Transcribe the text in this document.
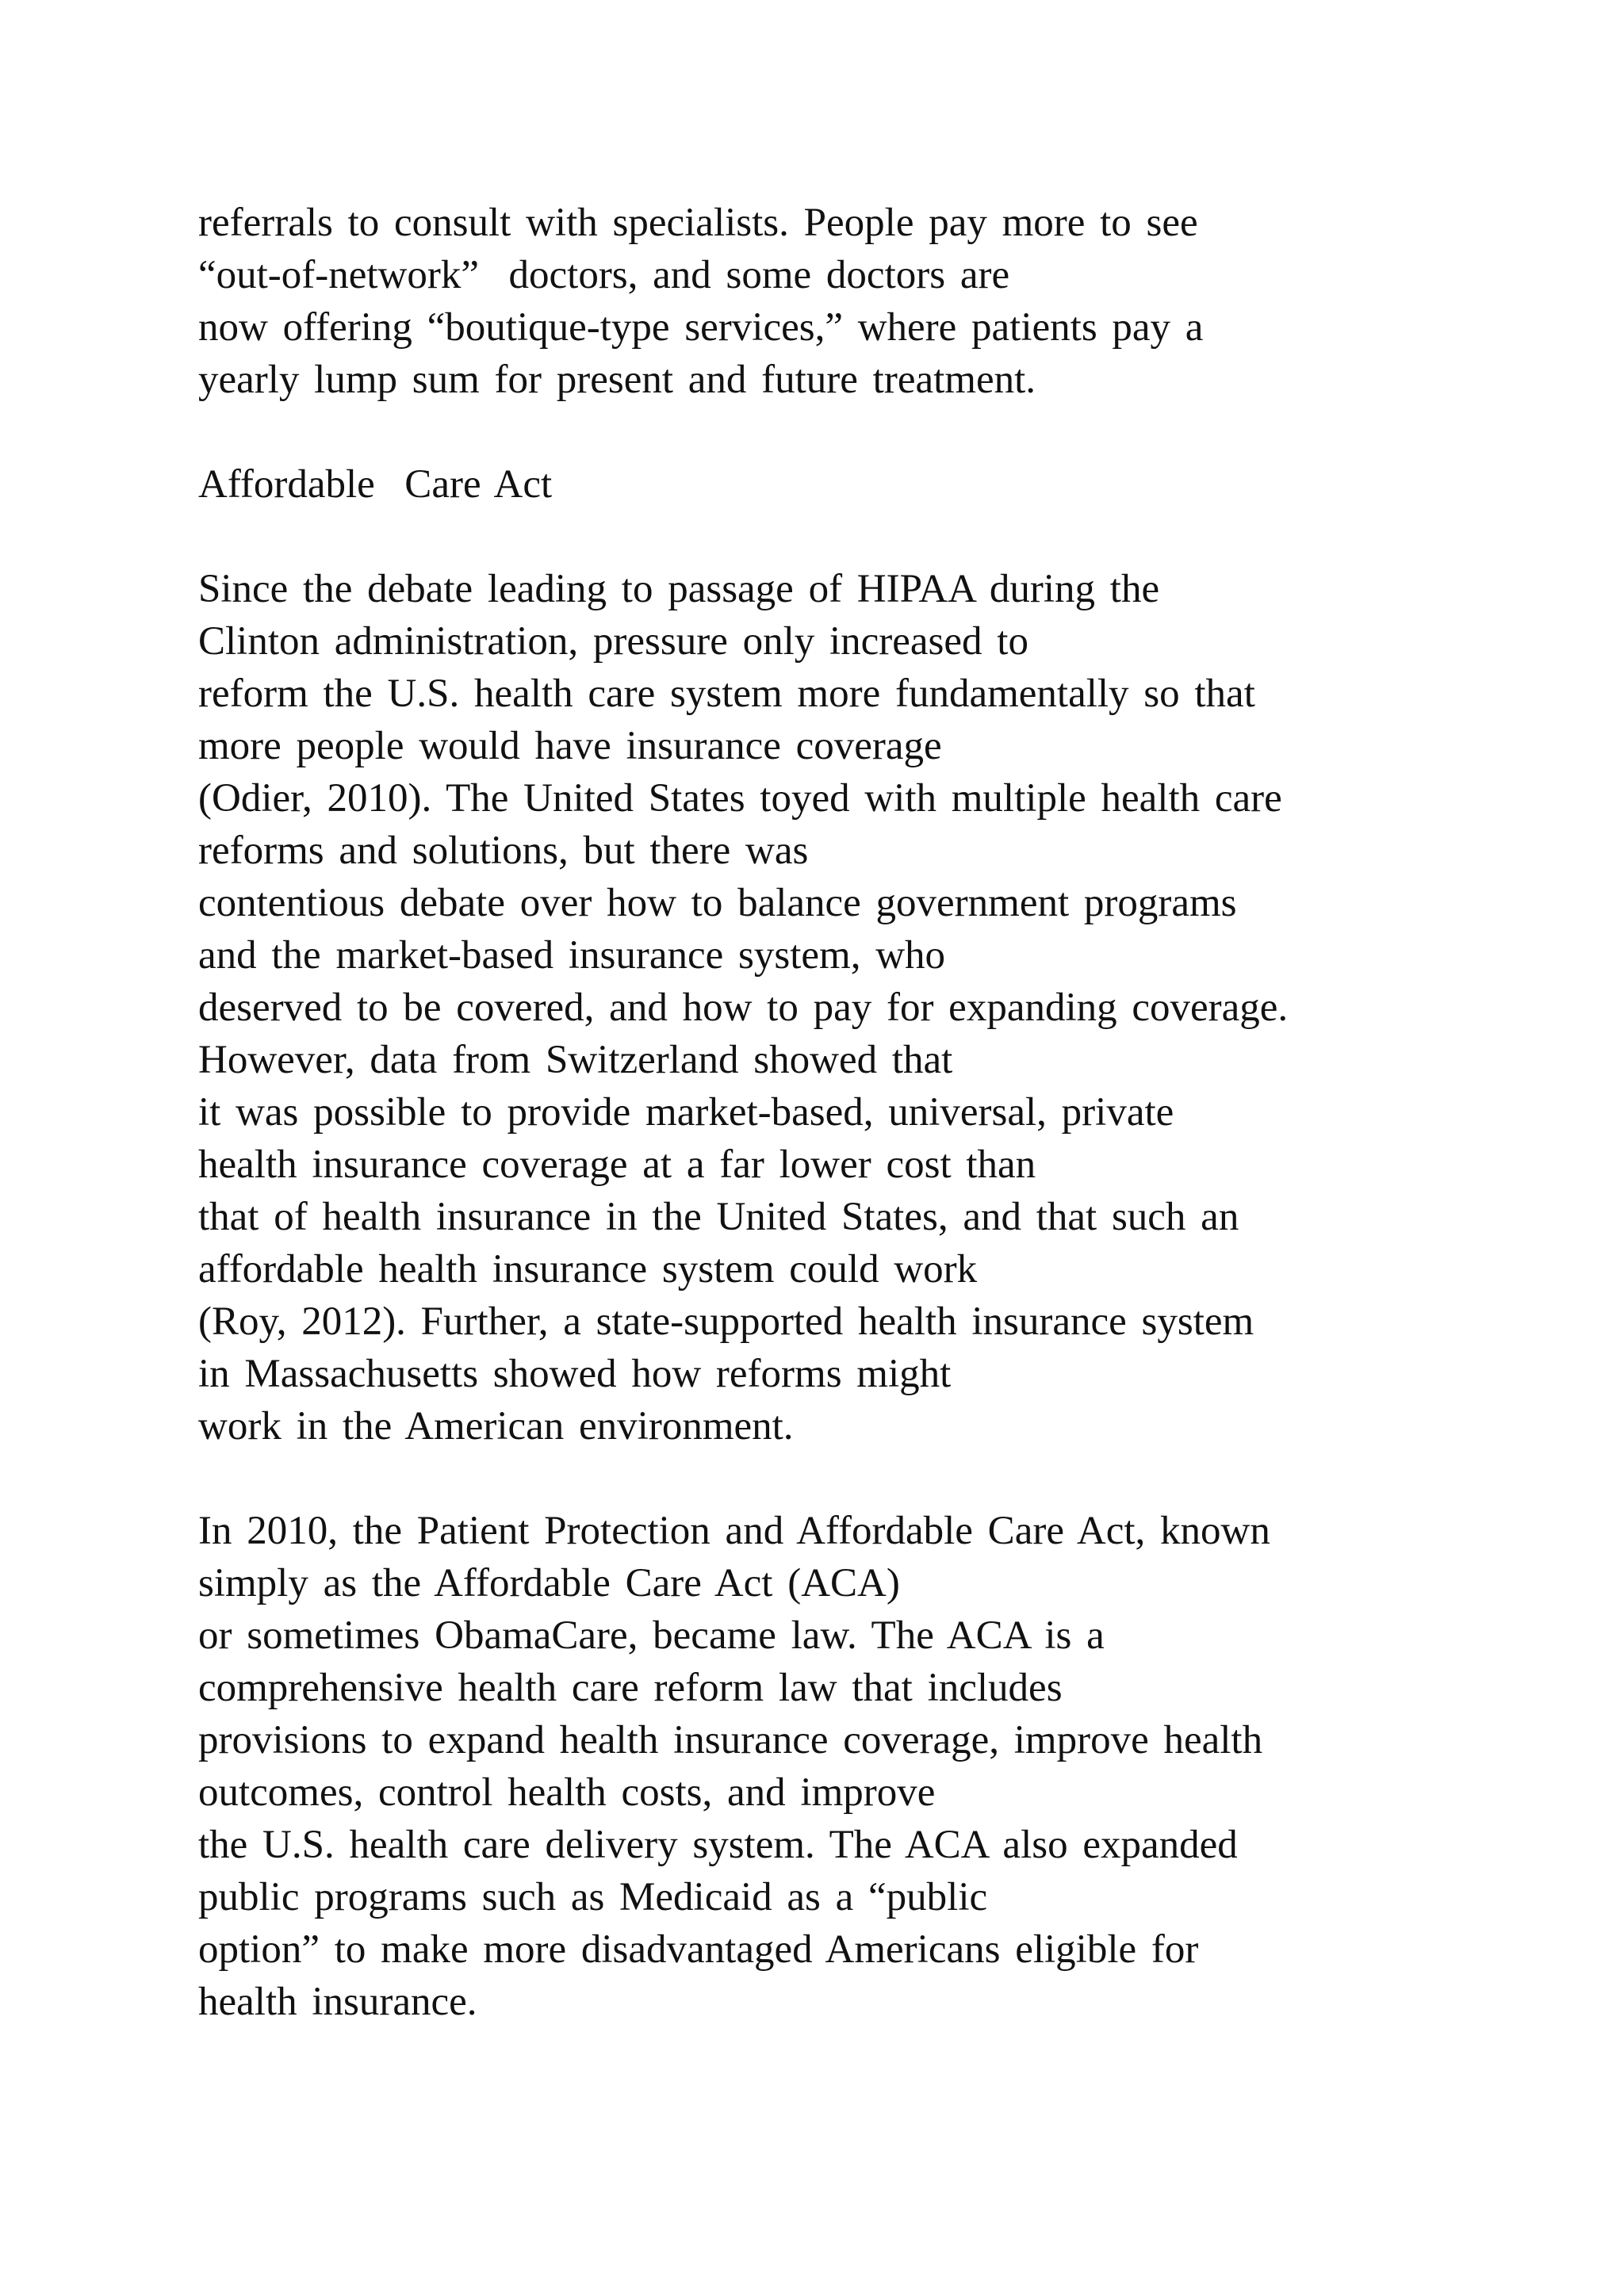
referrals to consult with specialists. People pay more to see
“out-of-network”  doctors, and some doctors are
now offering “boutique-type services,” where patients pay a
yearly lump sum for present and future treatment.
Affordable  Care Act
Since the debate leading to passage of HIPAA during the
Clinton administration, pressure only increased to
reform the U.S. health care system more fundamentally so that
more people would have insurance coverage
(Odier, 2010). The United States toyed with multiple health care
reforms and solutions, but there was
contentious debate over how to balance government programs
and the market-based insurance system, who
deserved to be covered, and how to pay for expanding coverage.
However, data from Switzerland showed that
it was possible to provide market-based, universal, private
health insurance coverage at a far lower cost than
that of health insurance in the United States, and that such an
affordable health insurance system could work
(Roy, 2012). Further, a state-supported health insurance system
in Massachusetts showed how reforms might
work in the American environment.
In 2010, the Patient Protection and Affordable Care Act, known
simply as the Affordable Care Act (ACA)
or sometimes ObamaCare, became law. The ACA is a
comprehensive health care reform law that includes
provisions to expand health insurance coverage, improve health
outcomes, control health costs, and improve
the U.S. health care delivery system. The ACA also expanded
public programs such as Medicaid as a “public
option” to make more disadvantaged Americans eligible for
health insurance.
